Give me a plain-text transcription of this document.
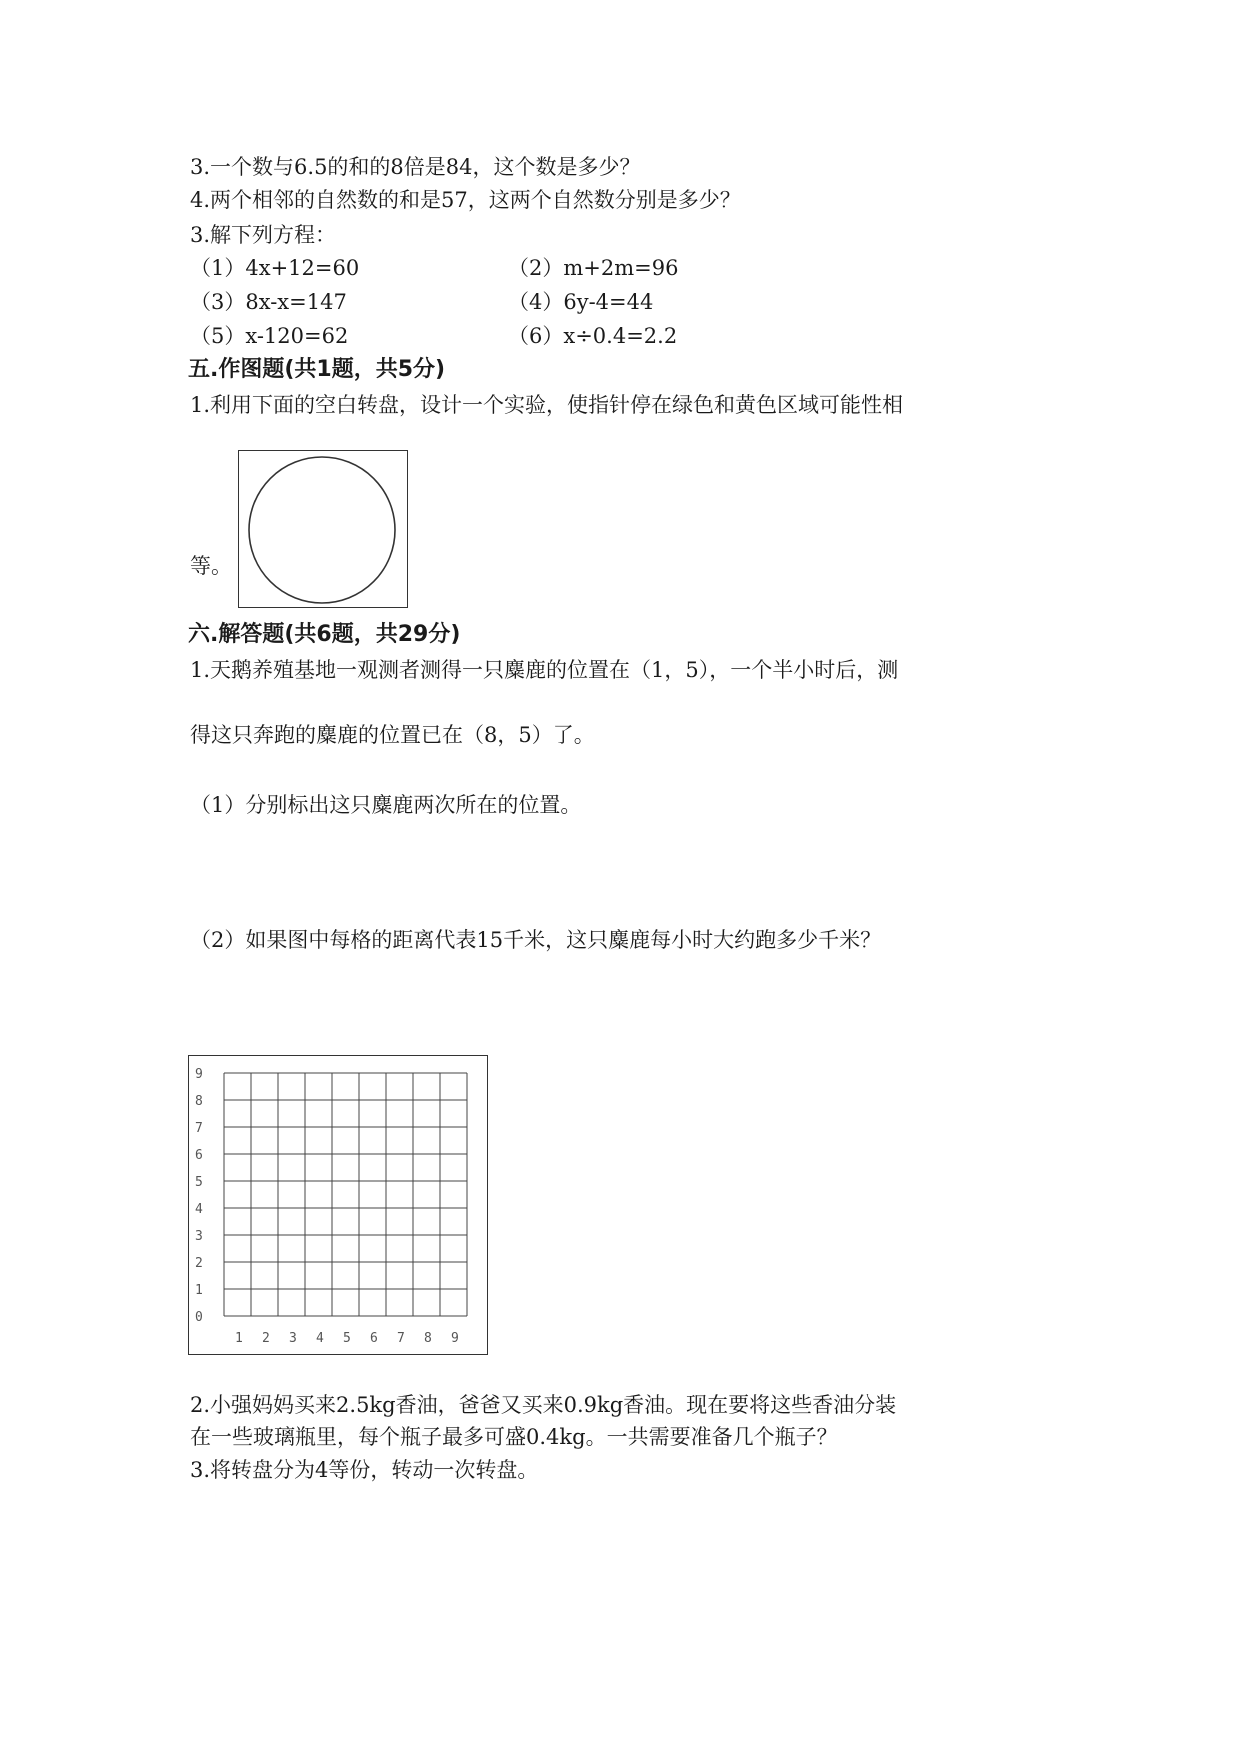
3.一个数与6.5的和的8倍是84，这个数是多少？
4.两个相邻的自然数的和是57，这两个自然数分别是多少？
3.解下列方程：
（1）4x+12=60	（2）m+2m=96
（3）8x-x=147	（4）6y-4=44
（5）x-120=62	（6）x÷0.4=2.2
五.作图题(共1题，共5分)
1.利用下面的空白转盘，设计一个实验，使指针停在绿色和黄色区域可能性相
等。
六.解答题(共6题，共29分)
1.天鹅养殖基地一观测者测得一只麋鹿的位置在（1，5），一个半小时后，测
得这只奔跑的麋鹿的位置已在（8，5）了。
（1）分别标出这只麋鹿两次所在的位置。
（2）如果图中每格的距离代表15千米，这只麋鹿每小时大约跑多少千米？
1 2 3 4 5 6 7 8 9
0
1
2
3
4
5
6
7
8
9
2.小强妈妈买来2.5kg香油，爸爸又买来0.9kg香油。现在要将这些香油分装
在一些玻璃瓶里，每个瓶子最多可盛0.4kg。一共需要准备几个瓶子？
3.将转盘分为4等份，转动一次转盘。
